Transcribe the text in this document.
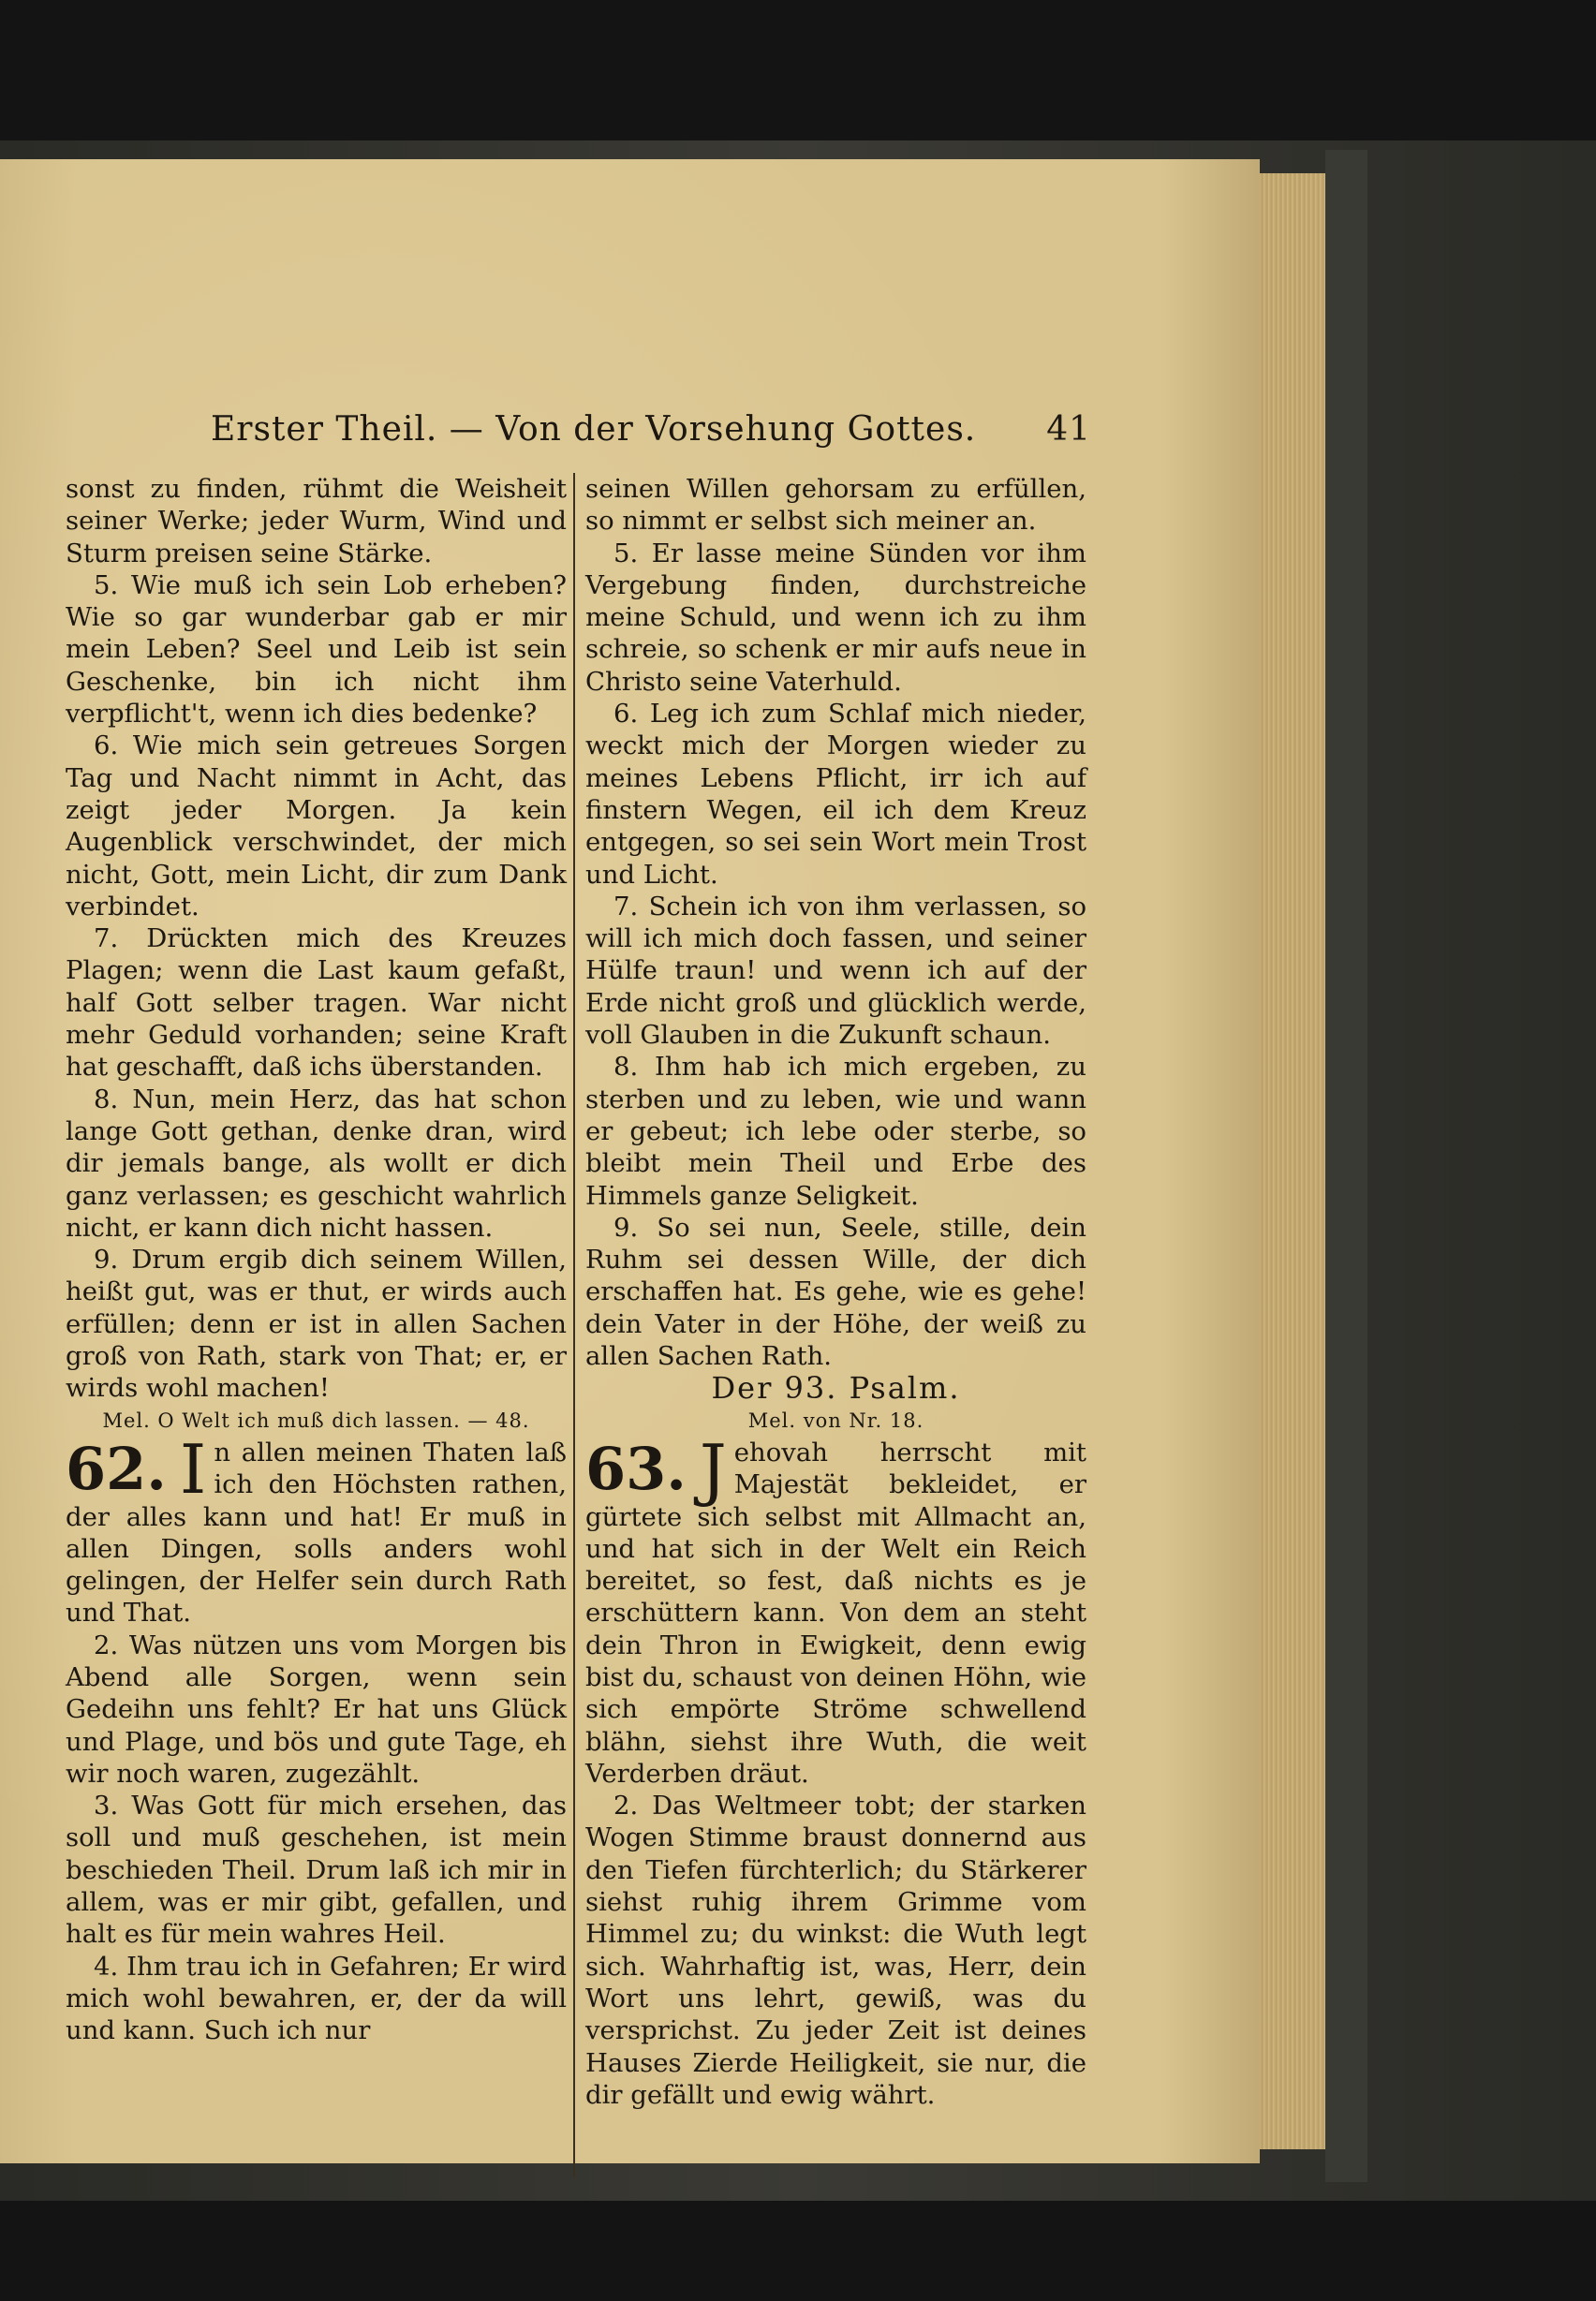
Erster Theil. — Von der Vorsehung Gottes. 41

sonst zu finden, rühmt die Weisheit seiner Werke; jeder Wurm, Wind und Sturm preisen seine Stärke.

5. Wie muß ich sein Lob erheben? Wie so gar wunderbar gab er mir mein Leben? Seel und Leib ist sein Geschenke, bin ich nicht ihm verpflicht't, wenn ich dies bedenke?

6. Wie mich sein getreues Sorgen Tag und Nacht nimmt in Acht, das zeigt jeder Morgen. Ja kein Augenblick verschwindet, der mich nicht, Gott, mein Licht, dir zum Dank verbindet.

7. Drückten mich des Kreuzes Plagen; wenn die Last kaum gefaßt, half Gott selber tragen. War nicht mehr Geduld vorhanden; seine Kraft hat geschafft, daß ichs überstanden.

8. Nun, mein Herz, das hat schon lange Gott gethan, denke dran, wird dir jemals bange, als wollt er dich ganz verlassen; es geschicht wahrlich nicht, er kann dich nicht hassen.

9. Drum ergib dich seinem Willen, heißt gut, was er thut, er wirds auch erfüllen; denn er ist in allen Sachen groß von Rath, stark von That; er, er wirds wohl machen!

Mel. O Welt ich muß dich lassen. — 48.

62. I n allen meinen Thaten laß ich den Höchsten rathen, der alles kann und hat! Er muß in allen Dingen, solls anders wohl gelingen, der Helfer sein durch Rath und That.

2. Was nützen uns vom Morgen bis Abend alle Sorgen, wenn sein Gedeihn uns fehlt? Er hat uns Glück und Plage, und bös und gute Tage, eh wir noch waren, zugezählt.

3. Was Gott für mich ersehen, das soll und muß geschehen, ist mein beschieden Theil. Drum laß ich mir in allem, was er mir gibt, gefallen, und halt es für mein wahres Heil.

4. Ihm trau ich in Gefahren; Er wird mich wohl bewahren, er, der da will und kann. Such ich nur

seinen Willen gehorsam zu erfüllen, so nimmt er selbst sich meiner an.

5. Er lasse meine Sünden vor ihm Vergebung finden, durchstreiche meine Schuld, und wenn ich zu ihm schreie, so schenk er mir aufs neue in Christo seine Vaterhuld.

6. Leg ich zum Schlaf mich nieder, weckt mich der Morgen wieder zu meines Lebens Pflicht, irr ich auf finstern Wegen, eil ich dem Kreuz entgegen, so sei sein Wort mein Trost und Licht.

7. Schein ich von ihm verlassen, so will ich mich doch fassen, und seiner Hülfe traun! und wenn ich auf der Erde nicht groß und glücklich werde, voll Glauben in die Zukunft schaun.

8. Ihm hab ich mich ergeben, zu sterben und zu leben, wie und wann er gebeut; ich lebe oder sterbe, so bleibt mein Theil und Erbe des Himmels ganze Seligkeit.

9. So sei nun, Seele, stille, dein Ruhm sei dessen Wille, der dich erschaffen hat. Es gehe, wie es gehe! dein Vater in der Höhe, der weiß zu allen Sachen Rath.

Der 93. Psalm.

Mel. von Nr. 18.

63. J ehovah herrscht mit Majestät bekleidet, er gürtete sich selbst mit Allmacht an, und hat sich in der Welt ein Reich bereitet, so fest, daß nichts es je erschüttern kann. Von dem an steht dein Thron in Ewigkeit, denn ewig bist du, schaust von deinen Höhn, wie sich empörte Ströme schwellend blähn, siehst ihre Wuth, die weit Verderben dräut.

2. Das Weltmeer tobt; der starken Wogen Stimme braust donnernd aus den Tiefen fürchterlich; du Stärkerer siehst ruhig ihrem Grimme vom Himmel zu; du winkst: die Wuth legt sich. Wahrhaftig ist, was, Herr, dein Wort uns lehrt, gewiß, was du versprichst. Zu jeder Zeit ist deines Hauses Zierde Heiligkeit, sie nur, die dir gefällt und ewig währt.
